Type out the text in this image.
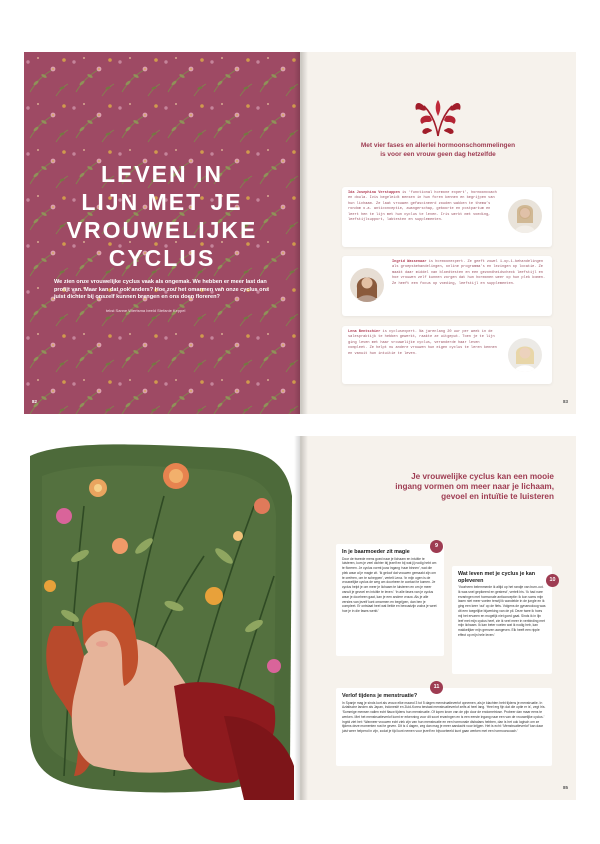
LEVEN IN
LIJN MET JE
VROUWELIJKE
CYCLUS
We zien onze vrouwelijke cyclus vaak als ongemak. We hebben er meer last dan profijt van. Maar kan dat ook anders? Hoe zou het omarmen van onze cyclus ons juist dichter bij onszelf kunnen brengen en ons doen floreren?
tekst Sanne Wiertsma beeld Stefanie Keppel
82
Met vier fases en allerlei hormoonschommelingen is voor een vrouw geen dag hetzelfde
Ida Josephina Verstappen is ‘functional hormone expert’, hormooncoach en doula. Ivis begeleidt mensen in hun foren kennen en begrijpen van hun lichaam. Ze laat vrouwen gefascineerd zouden wakken te thema’s rondom o.a. anticonceptie, zwangerschap, geboorte en postpartum en leert hen te lijn met hun cyclus te leven. Iris werkt met voeding, leefstijlsupport, labtesten en supplementen.
Ingrid Wassenaar is hormoonexpert. Ze geeft zowel 1-op-1-behandelingen als groepsbehandelingen, online programma’s en lezingen op locatie. Ze maakt daar middel van bloedtesten en een gezondheidscheck leefstijl en hoe vrouwen zelf kunnen zorgen dat hun hormonen weer op hun plek komen. Ze heeft een focus op voeding, leefstijl en supplementen.
Lena Bentschier is cyclusexpert. Na jarenlang 20 uur per week in de salespraktijk te hebben gewerkt, raakte ze uitgeput. Toen je te lijn ging leven met haar vrouwelijke cyclus, veranderde haar leven compleet. Ze helpt nu andere vrouwen hun eigen cyclus te leren kennen en vanuit hun intuïtie te leven.
83
Je vrouwelijke cyclus kan een mooie ingang vormen om meer naar je lichaam, gevoel en intuïtie te luisteren
In je baarmoeder zit magie
Door de tweede mens goed naar je lichaam en intuïtie te luisteren, kom je veel dichter bij jezelf en bij wat jij nodig hebt om te floreren. Je cyclus vormt jouw ingang ‘naar binnen’, wat die plek waar al je magie zit. ‘Ik geloof dat vrouwen gemaakt zijn om te creëren, om te scheppen’, vertelt Lena. ‘In mijn ogen is de vrouwelijke cyclus de weg om doorheen te contact te komen. Je cyclus helpt je om meer je lichaam te luisteren en om je meer vanuit je gevoel en intuïtie te leven.’ ‘In alle fases van je cyclus waar je doorheen gaat, kan je een andere vrouw. Als je alle versies van jezelf kunt omarmen en begrijpen, dan ben je compleet. Er ontstaat heel wat liefde en bewustzijn zodra je weet hoe je in die fases werkt.’
9
Wat leven met je cyclus je kan opleveren
‘Voorheen belemmerde ik altijd op het randje van burn-out. Ik was snel gepikeerd en gestrest’, vertelt Iris. ‘Ik had nare ervaringen met hormonale anticonceptie: ik kon soms mijn lasen niet meer voelen terwijl ik wandelde in de jungle en ik ging een keer ‘out’ op de fiets. Volgens de gynaecoloog was dit een toegelijke bijwerking van de pil. Deze twee ik hoes mij het ervaren en mogelijk niet goed gaat. Sinds ik in lijn leef met mijn cyclus heef, zie ik veel meer in verbinding met mijn lichaam. Ik kan beter voelen wat ik nodig heb, kan makkelijker mijn grenzen aangeven. Elk heeft een ripple effect op mijn hele leven.’
10
Verlof tijdens je menstruatie?
In Spanje mag je sinds kort als vrouw elke maand 3 tot 5 dagen menstruatieverlof opnemen, als je klachten hebt tijdens je menstruatie. In Aziatische landen als Japan, Indonesië en Zuid-Korea bestaat menstruatieverlof zelfs al heel lang. ‘Heel erg fijn dat die optie er is’, zegt Iris. ‘Sommige mensen vallen echt flauw tijdens hun menstruatie. Of lopen krom van de pijn door de endometriose. Probeer dan maar eens te werken. Met het menstruatieverlof komt er erkenning voor dit soort ervaringen en is een eerste ingang naar een van de vrouwelijke cyclus.’ Ingrid ziet het: ‘Wanneer vrouwen echt ziek zijn van hun menstruatie en een hormonale disbalans hebben, dan is het ook logisch om ze tijdens deze momenten rust te geven. Dit is 4 dagen, zeg dan mag je meer aandacht voor krijgen. Het is echt: ‘Menstruatieverlof’ kan daar juist weer helpend in zijn, zodat je tijd kunt nemen voor jezelf en bijvoorbeeld kunt gaan werken met een hormooncoach.’
11
85
